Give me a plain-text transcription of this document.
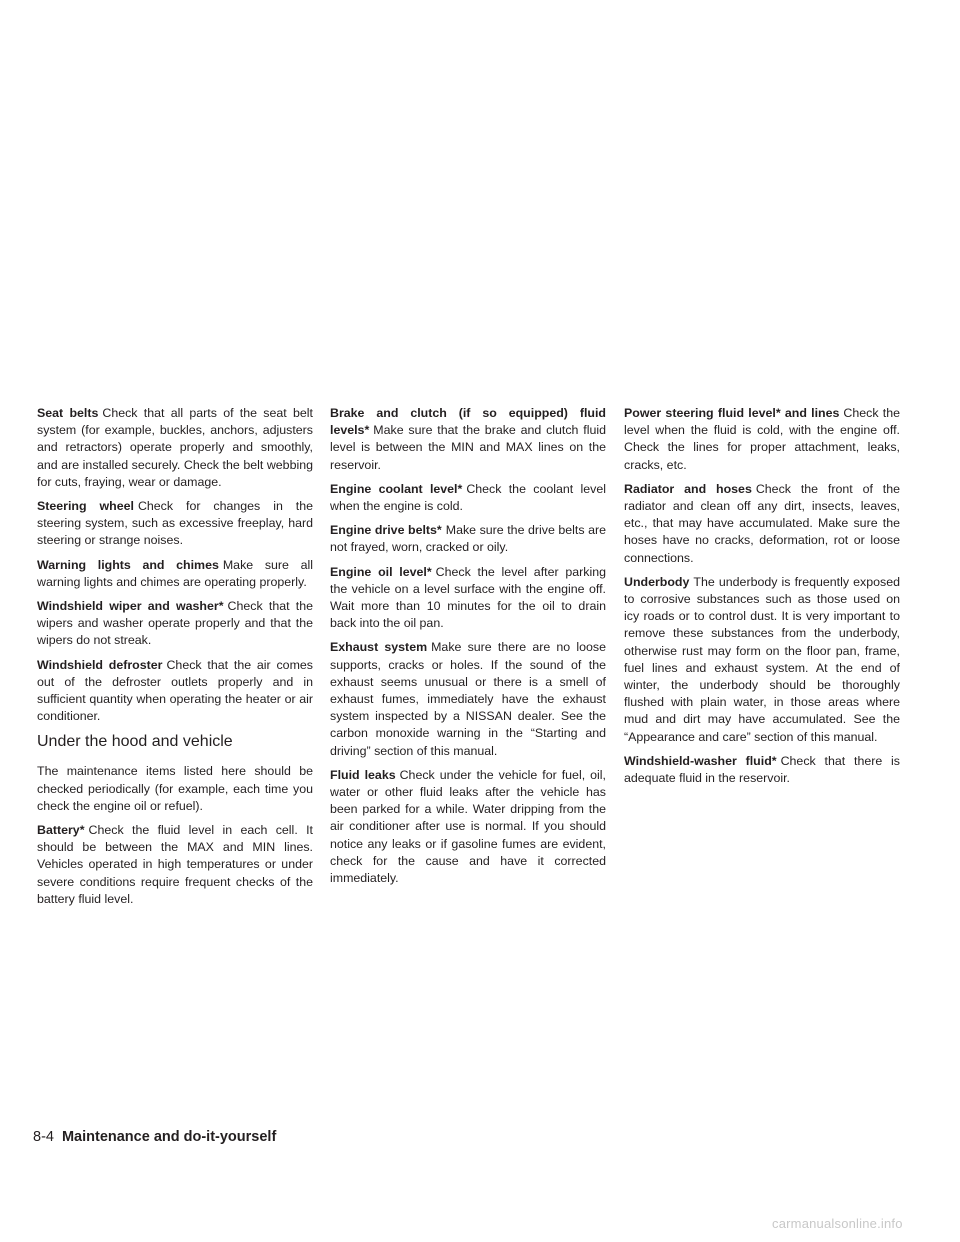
Seat belts Check that all parts of the seat belt system (for example, buckles, anchors, adjusters and retractors) operate properly and smoothly, and are installed securely. Check the belt webbing for cuts, fraying, wear or damage.

Steering wheel Check for changes in the steering system, such as excessive freeplay, hard steering or strange noises.

Warning lights and chimes Make sure all warning lights and chimes are operating properly.

Windshield wiper and washer* Check that the wipers and washer operate properly and that the wipers do not streak.

Windshield defroster Check that the air comes out of the defroster outlets properly and in sufficient quantity when operating the heater or air conditioner.

Under the hood and vehicle

The maintenance items listed here should be checked periodically (for example, each time you check the engine oil or refuel).

Battery* Check the fluid level in each cell. It should be between the MAX and MIN lines. Vehicles operated in high temperatures or under severe conditions require frequent checks of the battery fluid level.

Brake and clutch (if so equipped) fluid levels* Make sure that the brake and clutch fluid level is between the MIN and MAX lines on the reservoir.

Engine coolant level* Check the coolant level when the engine is cold.

Engine drive belts* Make sure the drive belts are not frayed, worn, cracked or oily.

Engine oil level* Check the level after parking the vehicle on a level surface with the engine off. Wait more than 10 minutes for the oil to drain back into the oil pan.

Exhaust system Make sure there are no loose supports, cracks or holes. If the sound of the exhaust seems unusual or there is a smell of exhaust fumes, immediately have the exhaust system inspected by a NISSAN dealer. See the carbon monoxide warning in the “Starting and driving” section of this manual.

Fluid leaks Check under the vehicle for fuel, oil, water or other fluid leaks after the vehicle has been parked for a while. Water dripping from the air conditioner after use is normal. If you should notice any leaks or if gasoline fumes are evident, check for the cause and have it corrected immediately.

Power steering fluid level* and lines Check the level when the fluid is cold, with the engine off. Check the lines for proper attachment, leaks, cracks, etc.

Radiator and hoses Check the front of the radiator and clean off any dirt, insects, leaves, etc., that may have accumulated. Make sure the hoses have no cracks, deformation, rot or loose connections.

Underbody The underbody is frequently exposed to corrosive substances such as those used on icy roads or to control dust. It is very important to remove these substances from the underbody, otherwise rust may form on the floor pan, frame, fuel lines and exhaust system. At the end of winter, the underbody should be thoroughly flushed with plain water, in those areas where mud and dirt may have accumulated. See the “Appearance and care” section of this manual.

Windshield-washer fluid* Check that there is adequate fluid in the reservoir.

8-4 Maintenance and do-it-yourself
carmanualsonline.info
